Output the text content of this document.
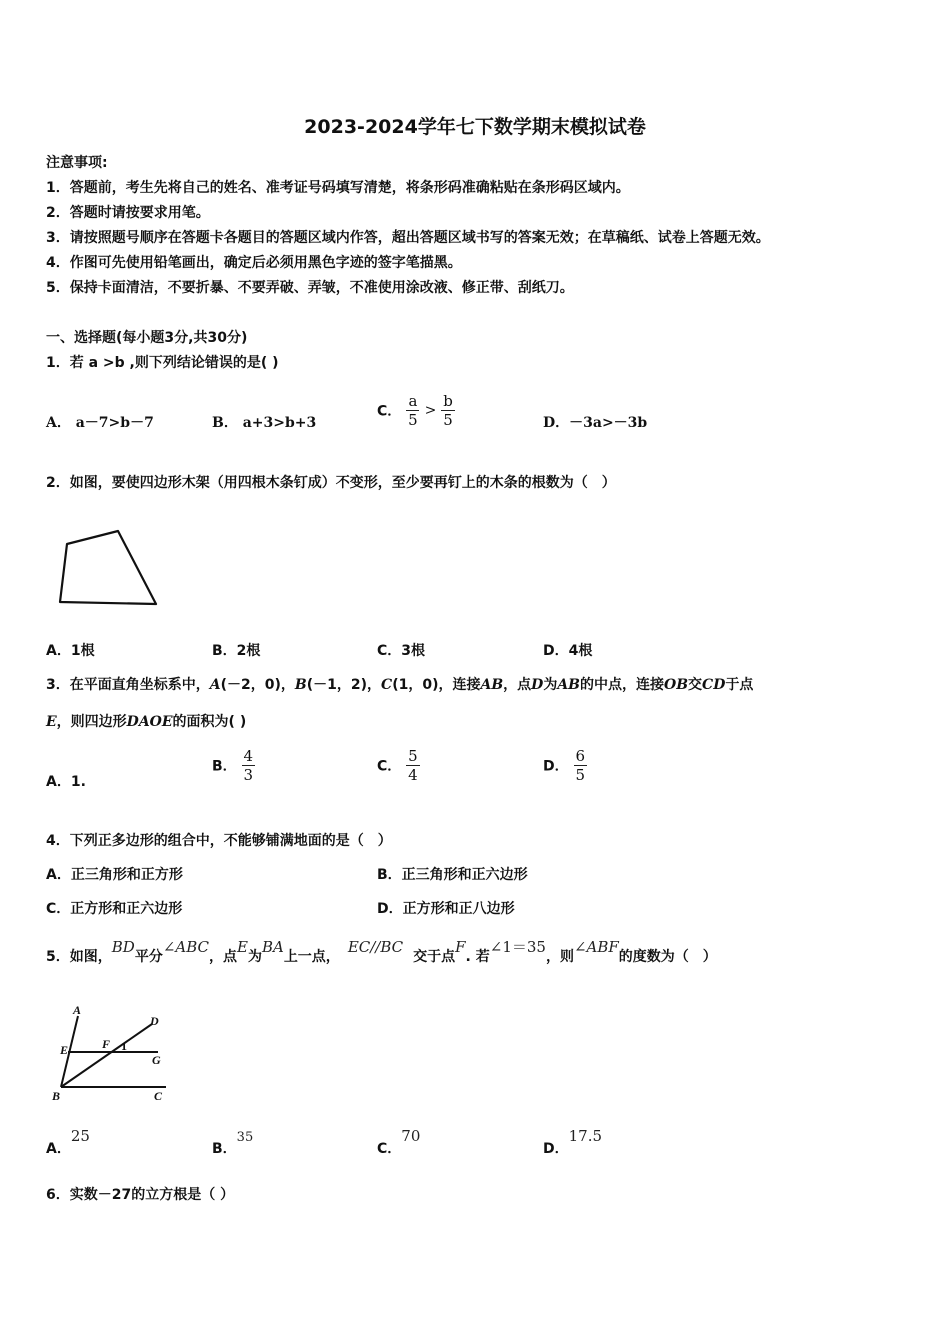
2023-2024学年七下数学期末模拟试卷
注意事项:
1．答题前，考生先将自己的姓名、准考证号码填写清楚，将条形码准确粘贴在条形码区域内。
2．答题时请按要求用笔。
3．请按照题号顺序在答题卡各题目的答题区域内作答，超出答题区域书写的答案无效；在草稿纸、试卷上答题无效。
4．作图可先使用铅笔画出，确定后必须用黑色字迹的签字笔描黑。
5．保持卡面清洁，不要折暴、不要弄破、弄皱，不准使用涂改液、修正带、刮纸刀。
一、选择题(每小题3分,共30分)
1．若 a >b ,则下列结论错误的是( )
A． a－7>b－7	B． a+3>b+3
C． $\frac{a}{5} > \frac{b}{5}$	D．－3a>－3b
2．如图，要使四边形木架（用四根木条钉成）不变形，至少要再钉上的木条的根数为（　）
A．1根	B．2根	C．3根	D．4根
3．在平面直角坐标系中，A(－2，0)，B(－1，2)，C(1，0)，连接AB，点D为AB的中点，连接OB交CD于点
E，则四边形DAOE的面积为( )
A．1.
B． $\frac{4}{3}$	C． $\frac{5}{4}$	D． $\frac{6}{5}$
4．下列正多边形的组合中，不能够铺满地面的是（　）
A．正三角形和正方形	B．正三角形和正六边形
C．正方形和正六边形	D．正方形和正八边形
5．如图，BD平分∠ABC，点E为BA上一点，EC//BC交于点F. 若∠1＝35，则∠ABF的度数为（　）
A
D
E	F 1
G
B	C
A．25
B．35
C．70
D．17.5
6．实数－27的立方根是（ ）
